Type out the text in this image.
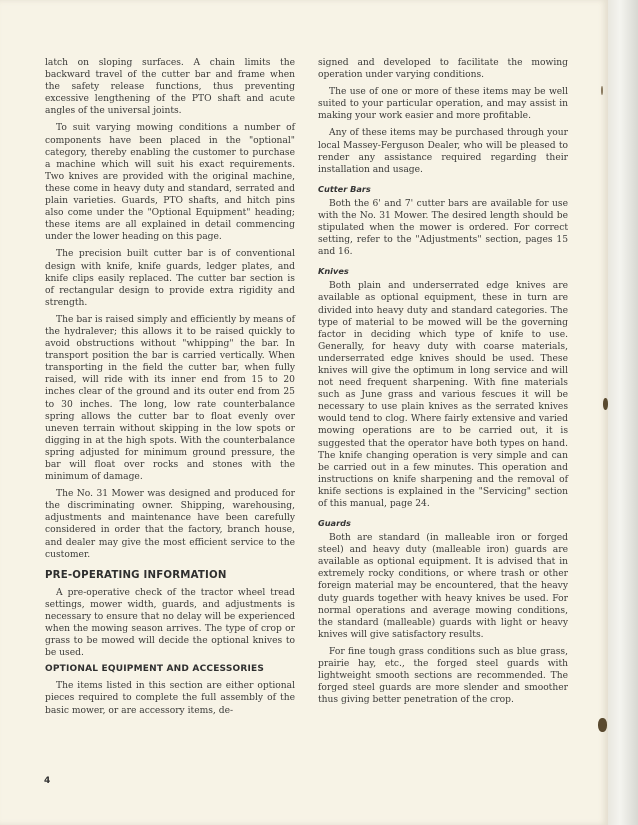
latch on sloping surfaces. A chain limits the backward travel of the cutter bar and frame when the safety release functions, thus preventing excessive lengthening of the PTO shaft and acute angles of the universal joints.

To suit varying mowing conditions a number of components have been placed in the "optional" category, thereby enabling the customer to purchase a machine which will suit his exact requirements. Two knives are provided with the original machine, these come in heavy duty and standard, serrated and plain varieties. Guards, PTO shafts, and hitch pins also come under the "Optional Equipment" heading; these items are all explained in detail commencing under the lower heading on this page.

The precision built cutter bar is of conventional design with knife, knife guards, ledger plates, and knife clips easily replaced. The cutter bar section is of rectangular design to provide extra rigidity and strength.

The bar is raised simply and efficiently by means of the hydralever; this allows it to be raised quickly to avoid obstructions without "whipping" the bar. In transport position the bar is carried vertically. When transporting in the field the cutter bar, when fully raised, will ride with its inner end from 15 to 20 inches clear of the ground and its outer end from 25 to 30 inches. The long, low rate counterbalance spring allows the cutter bar to float evenly over uneven terrain without skipping in the low spots or digging in at the high spots. With the counterbalance spring adjusted for minimum ground pressure, the bar will float over rocks and stones with the minimum of damage.

The No. 31 Mower was designed and produced for the discriminating owner. Shipping, warehousing, adjustments and maintenance have been carefully considered in order that the factory, branch house, and dealer may give the most efficient service to the customer.

PRE-OPERATING INFORMATION

A pre-operative check of the tractor wheel tread settings, mower width, guards, and adjustments is necessary to ensure that no delay will be experienced when the mowing season arrives. The type of crop or grass to be mowed will decide the optional knives to be used.

OPTIONAL EQUIPMENT AND ACCESSORIES

The items listed in this section are either optional pieces required to complete the full assembly of the basic mower, or are accessory items, de-

signed and developed to facilitate the mowing operation under varying conditions.

The use of one or more of these items may be well suited to your particular operation, and may assist in making your work easier and more profitable.

Any of these items may be purchased through your local Massey-Ferguson Dealer, who will be pleased to render any assistance required regarding their installation and usage.

Cutter Bars

Both the 6' and 7' cutter bars are available for use with the No. 31 Mower. The desired length should be stipulated when the mower is ordered. For correct setting, refer to the "Adjustments" section, pages 15 and 16.

Knives

Both plain and underserrated edge knives are available as optional equipment, these in turn are divided into heavy duty and standard categories. The type of material to be mowed will be the governing factor in deciding which type of knife to use. Generally, for heavy duty with coarse materials, underserrated edge knives should be used. These knives will give the optimum in long service and will not need frequent sharpening. With fine materials such as June grass and various fescues it will be necessary to use plain knives as the serrated knives would tend to clog. Where fairly extensive and varied mowing operations are to be carried out, it is suggested that the operator have both types on hand. The knife changing operation is very simple and can be carried out in a few minutes. This operation and instructions on knife sharpening and the removal of knife sections is explained in the "Servicing" section of this manual, page 24.

Guards

Both are standard (in malleable iron or forged steel) and heavy duty (malleable iron) guards are available as optional equipment. It is advised that in extremely rocky conditions, or where trash or other foreign material may be encountered, that the heavy duty guards together with heavy knives be used. For normal operations and average mowing conditions, the standard (malleable) guards with light or heavy knives will give satisfactory results.

For fine tough grass conditions such as blue grass, prairie hay, etc., the forged steel guards with lightweight smooth sections are recommended. The forged steel guards are more slender and smoother thus giving better penetration of the crop.

4
